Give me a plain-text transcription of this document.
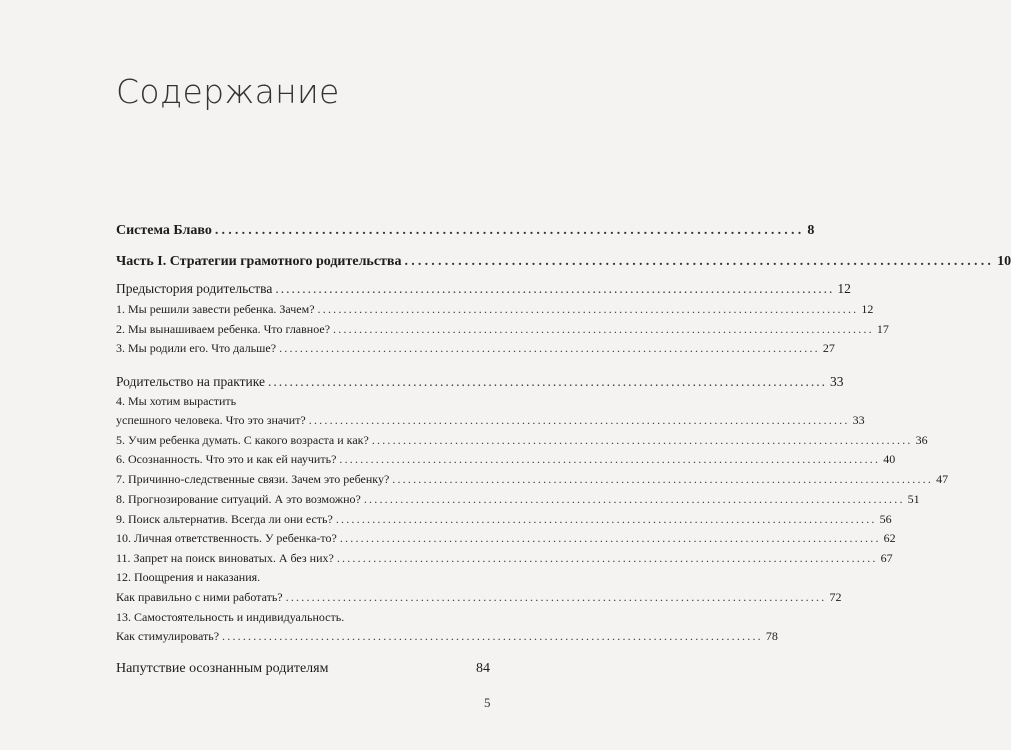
Содержание
Система Блаво ........................................................................................ 8
Часть I. Стратегии грамотного родительства ........................................................................................ 10
Предыстория родительства ........................................................................................................ 12
1. Мы решили завести ребенка. Зачем? ........................................................................................................ 12
2. Мы вынашиваем ребенка. Что главное? ........................................................................................................ 17
3. Мы родили его. Что дальше? ........................................................................................................ 27
Родительство на практике ........................................................................................................ 33
4. Мы хотим вырастить
успешного человека. Что это значит? ........................................................................................................ 33
5. Учим ребенка думать. С какого возраста и как? ........................................................................................................ 36
6. Осознанность. Что это и как ей научить? ........................................................................................................ 40
7. Причинно-следственные связи. Зачем это ребенку? ........................................................................................................ 47
8. Прогнозирование ситуаций. А это возможно? ........................................................................................................ 51
9. Поиск альтернатив. Всегда ли они есть? ........................................................................................................ 56
10. Личная ответственность. У ребенка-то? ........................................................................................................ 62
11. Запрет на поиск виноватых. А без них? ........................................................................................................ 67
12. Поощрения и наказания.
Как правильно с ними работать? ........................................................................................................ 72
13. Самостоятельность и индивидуальность.
Как стимулировать? ........................................................................................................ 78
Напутствие осознанным родителям	84
5
